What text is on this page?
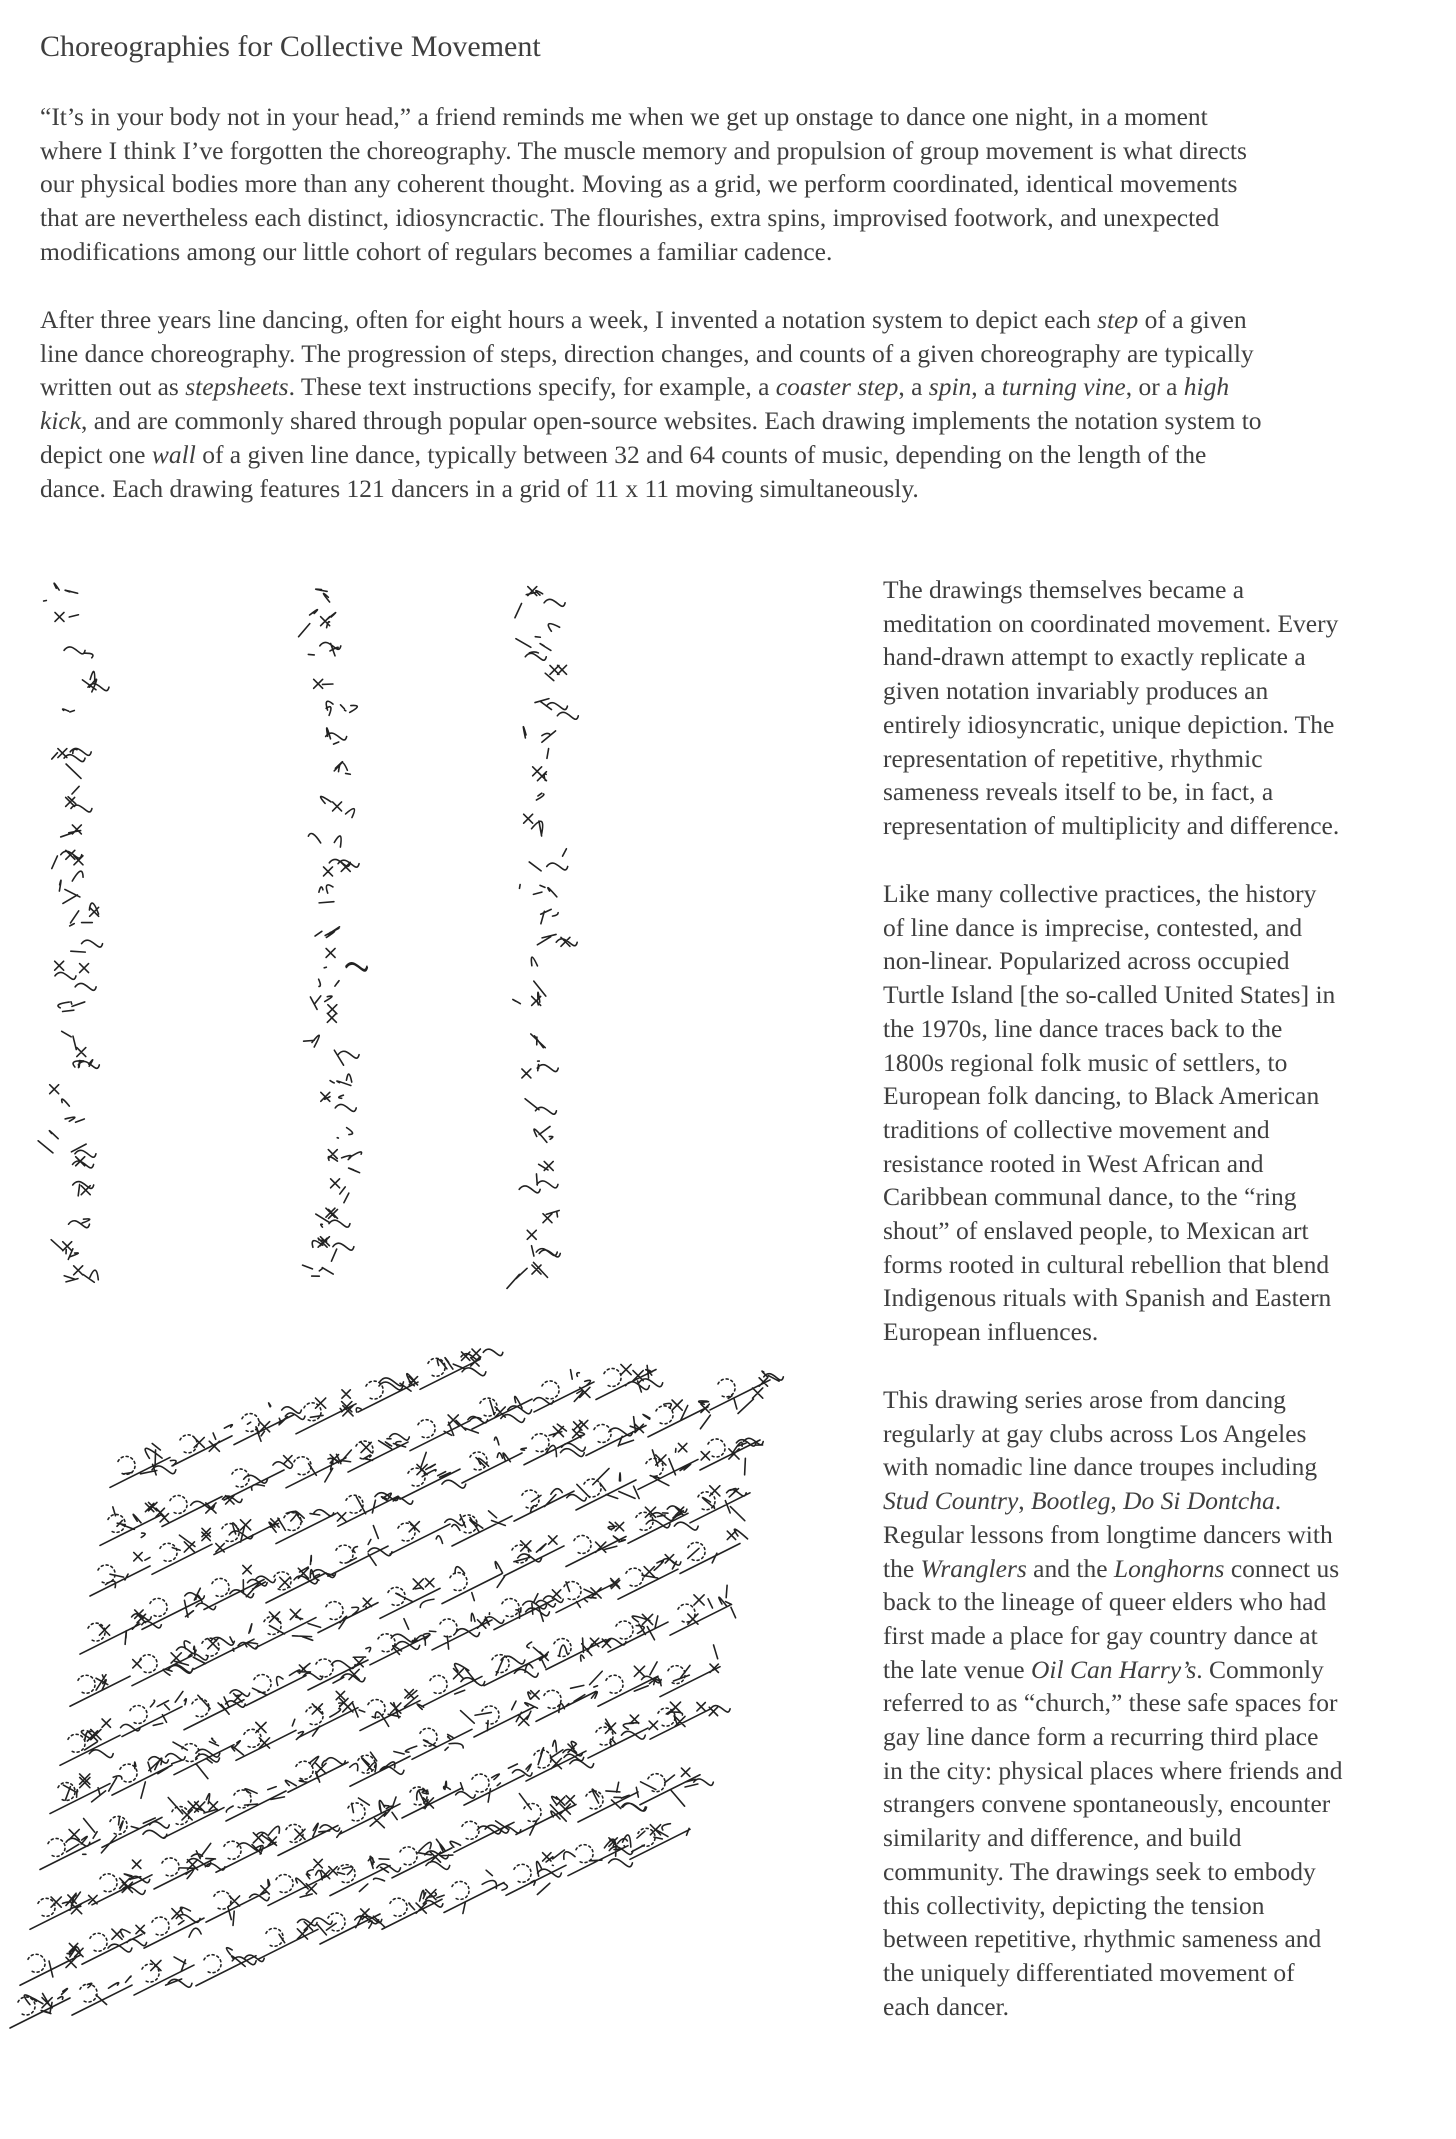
Choreographies for Collective Movement
“It’s in your body not in your head,” a friend reminds me when we get up onstage to dance one night, in a moment
where I think I’ve forgotten the choreography. The muscle memory and propulsion of group movement is what directs
our physical bodies more than any coherent thought. Moving as a grid, we perform coordinated, identical movements
that are nevertheless each distinct, idiosyncractic. The flourishes, extra spins, improvised footwork, and unexpected
modifications among our little cohort of regulars becomes a familiar cadence.
After three years line dancing, often for eight hours a week, I invented a notation system to depict each step of a given
line dance choreography. The progression of steps, direction changes, and counts of a given choreography are typically
written out as stepsheets. These text instructions specify, for example, a coaster step, a spin, a turning vine, or a high
kick, and are commonly shared through popular open-source websites. Each drawing implements the notation system to
depict one wall of a given line dance, typically between 32 and 64 counts of music, depending on the length of the
dance. Each drawing features 121 dancers in a grid of 11 x 11 moving simultaneously.
The drawings themselves became a
meditation on coordinated movement. Every
hand-drawn attempt to exactly replicate a
given notation invariably produces an
entirely idiosyncratic, unique depiction. The
representation of repetitive, rhythmic
sameness reveals itself to be, in fact, a
representation of multiplicity and difference.
Like many collective practices, the history
of line dance is imprecise, contested, and
non-linear. Popularized across occupied
Turtle Island [the so-called United States] in
the 1970s, line dance traces back to the
1800s regional folk music of settlers, to
European folk dancing, to Black American
traditions of collective movement and
resistance rooted in West African and
Caribbean communal dance, to the “ring
shout” of enslaved people, to Mexican art
forms rooted in cultural rebellion that blend
Indigenous rituals with Spanish and Eastern
European influences.
This drawing series arose from dancing
regularly at gay clubs across Los Angeles
with nomadic line dance troupes including
Stud Country, Bootleg, Do Si Dontcha.
Regular lessons from longtime dancers with
the Wranglers and the Longhorns connect us
back to the lineage of queer elders who had
first made a place for gay country dance at
the late venue Oil Can Harry’s. Commonly
referred to as “church,” these safe spaces for
gay line dance form a recurring third place
in the city: physical places where friends and
strangers convene spontaneously, encounter
similarity and difference, and build
community. The drawings seek to embody
this collectivity, depicting the tension
between repetitive, rhythmic sameness and
the uniquely differentiated movement of
each dancer.
